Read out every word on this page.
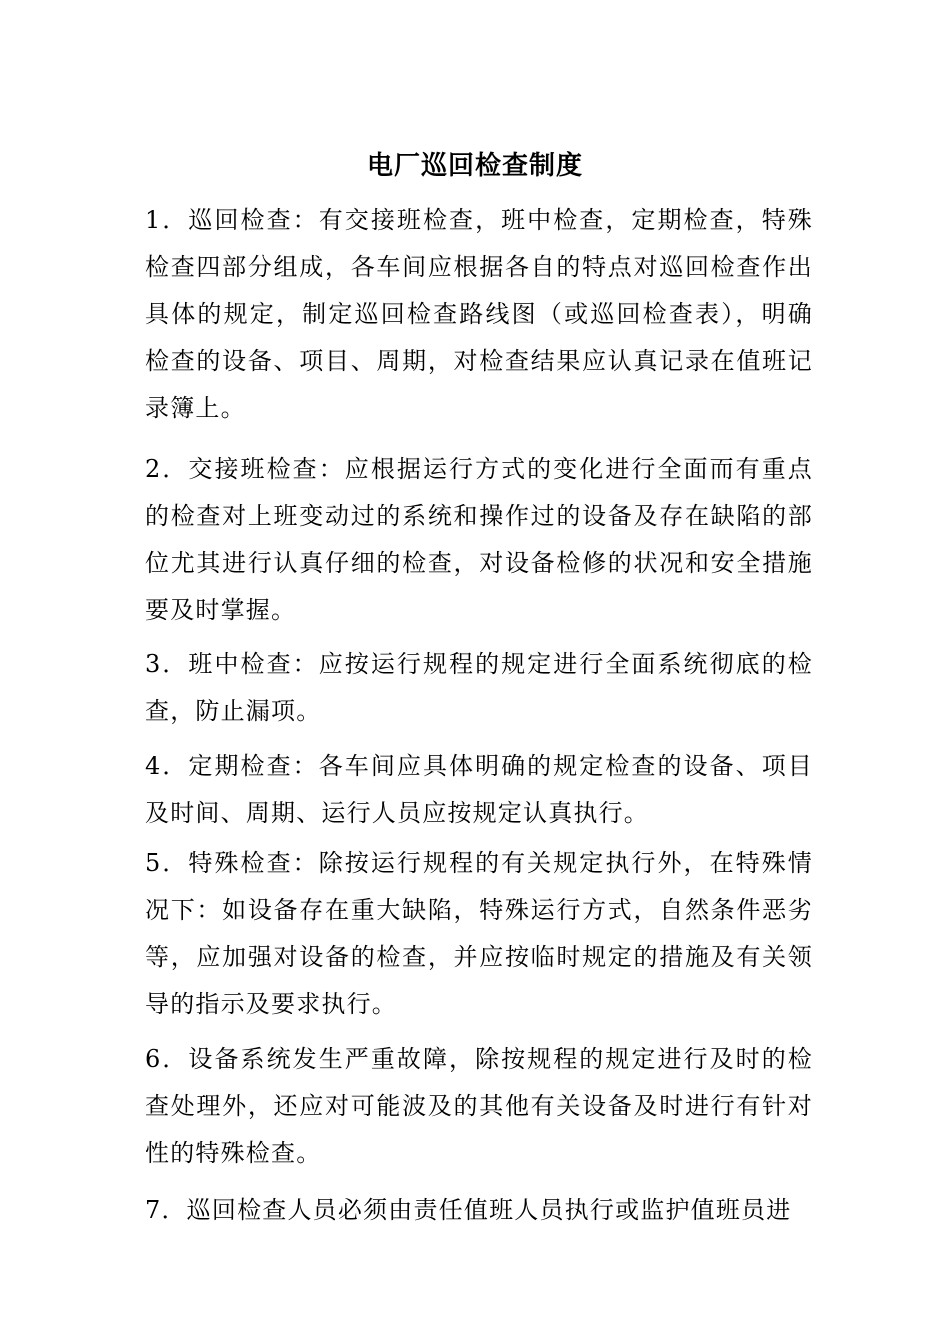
电厂巡回检查制度

1．巡回检查：有交接班检查，班中检查，定期检查，特殊检查四部分组成，各车间应根据各自的特点对巡回检查作出具体的规定，制定巡回检查路线图（或巡回检查表），明确检查的设备、项目、周期，对检查结果应认真记录在值班记录簿上。

2．交接班检查：应根据运行方式的变化进行全面而有重点的检查对上班变动过的系统和操作过的设备及存在缺陷的部位尤其进行认真仔细的检查，对设备检修的状况和安全措施要及时掌握。

3．班中检查：应按运行规程的规定进行全面系统彻底的检查，防止漏项。

4．定期检查：各车间应具体明确的规定检查的设备、项目及时间、周期、运行人员应按规定认真执行。

5．特殊检查：除按运行规程的有关规定执行外，在特殊情况下：如设备存在重大缺陷，特殊运行方式，自然条件恶劣等，应加强对设备的检查，并应按临时规定的措施及有关领导的指示及要求执行。

6．设备系统发生严重故障，除按规程的规定进行及时的检查处理外，还应对可能波及的其他有关设备及时进行有针对性的特殊检查。

7．巡回检查人员必须由责任值班人员执行或监护值班员进
